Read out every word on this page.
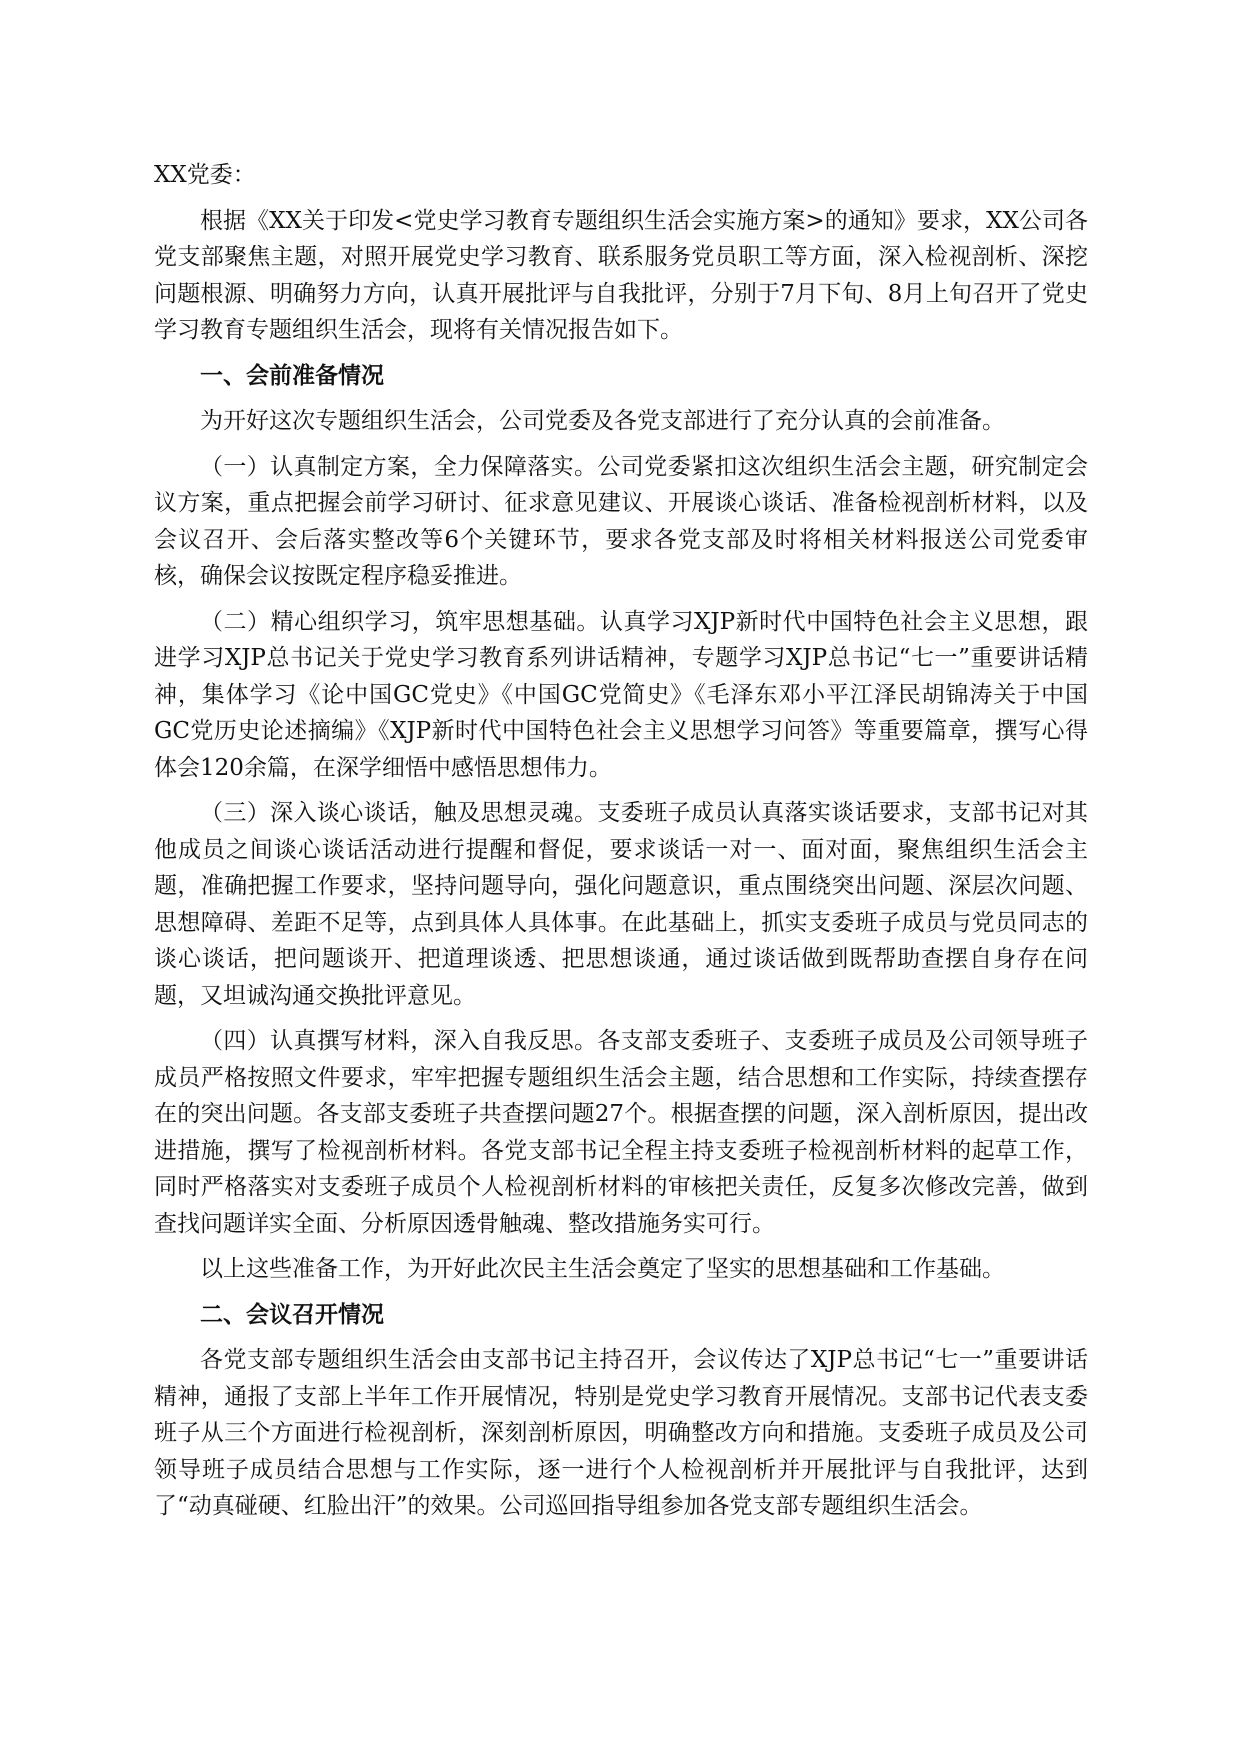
XX党委：

根据《XX关于印发<党史学习教育专题组织生活会实施方案>的通知》要求，XX公司各党支部聚焦主题，对照开展党史学习教育、联系服务党员职工等方面，深入检视剖析、深挖问题根源、明确努力方向，认真开展批评与自我批评，分别于7月下旬、8月上旬召开了党史学习教育专题组织生活会，现将有关情况报告如下。

一、会前准备情况

为开好这次专题组织生活会，公司党委及各党支部进行了充分认真的会前准备。

（一）认真制定方案，全力保障落实。公司党委紧扣这次组织生活会主题，研究制定会议方案，重点把握会前学习研讨、征求意见建议、开展谈心谈话、准备检视剖析材料，以及会议召开、会后落实整改等6个关键环节，要求各党支部及时将相关材料报送公司党委审核，确保会议按既定程序稳妥推进。

（二）精心组织学习，筑牢思想基础。认真学习XJP新时代中国特色社会主义思想，跟进学习XJP总书记关于党史学习教育系列讲话精神，专题学习XJP总书记“七一”重要讲话精神，集体学习《论中国GC党史》《中国GC党简史》《毛泽东邓小平江泽民胡锦涛关于中国GC党历史论述摘编》《XJP新时代中国特色社会主义思想学习问答》等重要篇章，撰写心得体会120余篇，在深学细悟中感悟思想伟力。

（三）深入谈心谈话，触及思想灵魂。支委班子成员认真落实谈话要求，支部书记对其他成员之间谈心谈话活动进行提醒和督促，要求谈话一对一、面对面，聚焦组织生活会主题，准确把握工作要求，坚持问题导向，强化问题意识，重点围绕突出问题、深层次问题、思想障碍、差距不足等，点到具体人具体事。在此基础上，抓实支委班子成员与党员同志的谈心谈话，把问题谈开、把道理谈透、把思想谈通，通过谈话做到既帮助查摆自身存在问题，又坦诚沟通交换批评意见。

（四）认真撰写材料，深入自我反思。各支部支委班子、支委班子成员及公司领导班子成员严格按照文件要求，牢牢把握专题组织生活会主题，结合思想和工作实际，持续查摆存在的突出问题。各支部支委班子共查摆问题27个。根据查摆的问题，深入剖析原因，提出改进措施，撰写了检视剖析材料。各党支部书记全程主持支委班子检视剖析材料的起草工作，同时严格落实对支委班子成员个人检视剖析材料的审核把关责任，反复多次修改完善，做到查找问题详实全面、分析原因透骨触魂、整改措施务实可行。

以上这些准备工作，为开好此次民主生活会奠定了坚实的思想基础和工作基础。

二、会议召开情况

各党支部专题组织生活会由支部书记主持召开，会议传达了XJP总书记“七一”重要讲话精神，通报了支部上半年工作开展情况，特别是党史学习教育开展情况。支部书记代表支委班子从三个方面进行检视剖析，深刻剖析原因，明确整改方向和措施。支委班子成员及公司领导班子成员结合思想与工作实际，逐一进行个人检视剖析并开展批评与自我批评，达到了“动真碰硬、红脸出汗”的效果。公司巡回指导组参加各党支部专题组织生活会。
